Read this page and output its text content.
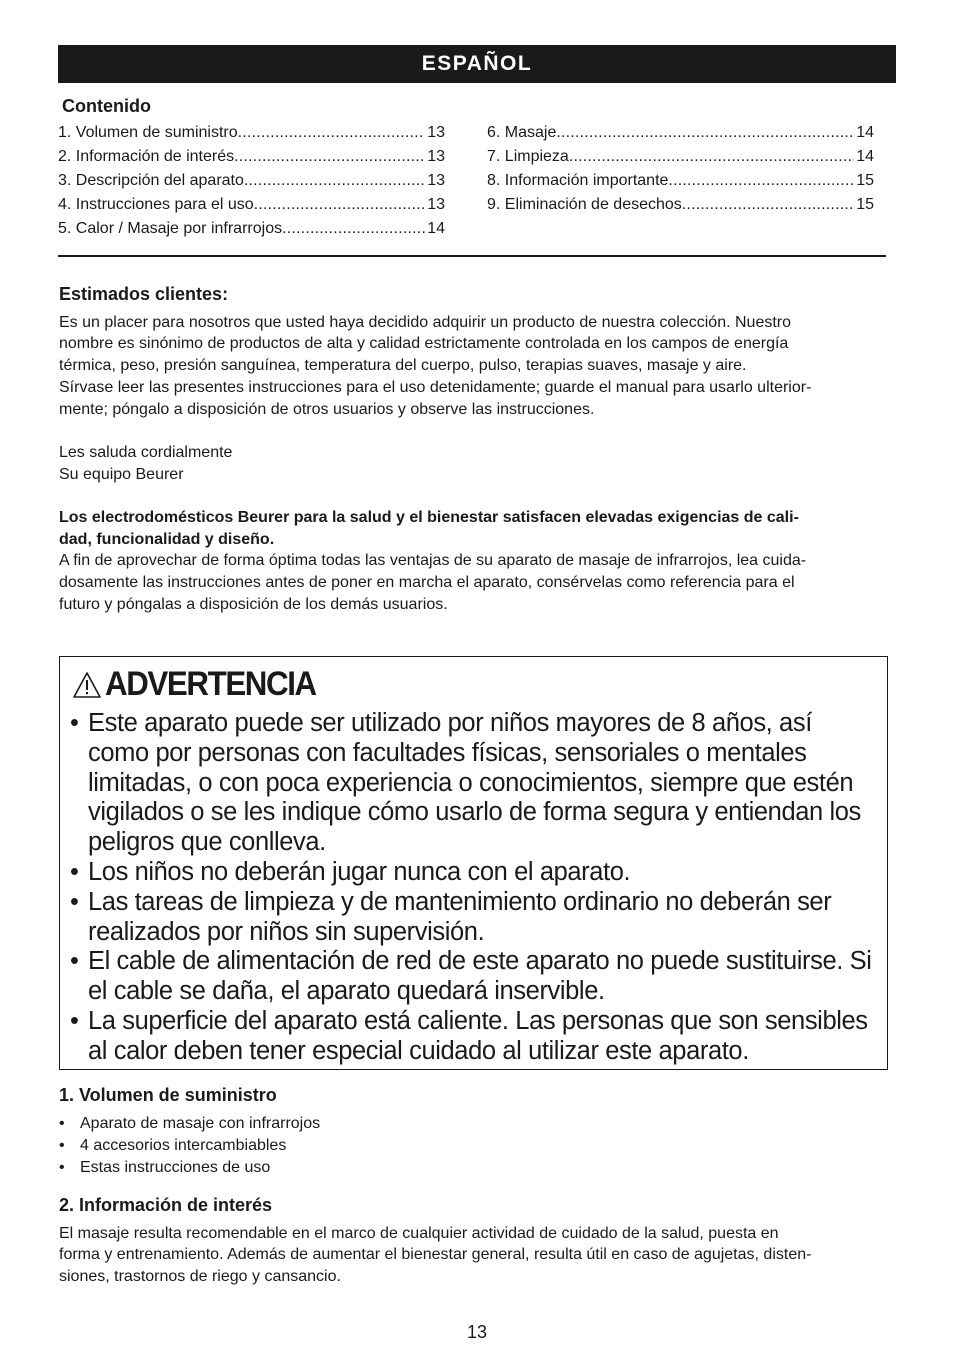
ESPAÑOL
Contenido
1. Volumen de suministro .....	13
2. Información de interés .....	13
3. Descripción del aparato .....	13
4. Instrucciones para el uso .....	13
5. Calor / Masaje por infrarrojos .....	14
6. Masaje .....	14
7. Limpieza .....	14
8. Información importante .....	15
9. Eliminación de desechos .....	15
Estimados clientes:

Es un placer para nosotros que usted haya decidido adquirir un producto de nuestra colección. Nuestro

nombre es sinónimo de productos de alta y calidad estrictamente controlada en los campos de energía

térmica, peso, presión sanguínea, temperatura del cuerpo, pulso, terapias suaves, masaje y aire.

Sírvase leer las presentes instrucciones para el uso detenidamente; guarde el manual para usarlo ulterior-

mente; póngalo a disposición de otros usuarios y observe las instrucciones.

Les saluda cordialmente

Su equipo Beurer

Los electrodomésticos Beurer para la salud y el bienestar satisfacen elevadas exigencias de cali-

dad, funcionalidad y diseño.

A fin de aprovechar de forma óptima todas las ventajas de su aparato de masaje de infrarrojos, lea cuida-

dosamente las instrucciones antes de poner en marcha el aparato, consérvelas como referencia para el

futuro y póngalas a disposición de los demás usuarios.

ADVERTENCIA
• Este aparato puede ser utilizado por niños mayores de 8 años, así

como por personas con facultades físicas, sensoriales o mentales

limitadas, o con poca experiencia o conocimientos, siempre que estén

vigilados o se les indique cómo usarlo de forma segura y entiendan los

peligros que conlleva.

• Los niños no deberán jugar nunca con el aparato.

• Las tareas de limpieza y de mantenimiento ordinario no deberán ser

realizados por niños sin supervisión.

• El cable de alimentación de red de este aparato no puede sustituirse. Si

el cable se daña, el aparato quedará inservible.

• La superficie del aparato está caliente. Las personas que son sensibles

al calor deben tener especial cuidado al utilizar este aparato.

1. Volumen de suministro
• Aparato de masaje con infrarrojos
• 4 accesorios intercambiables
• Estas instrucciones de uso
2. Información de interés

El masaje resulta recomendable en el marco de cualquier actividad de cuidado de la salud, puesta en

forma y entrenamiento. Además de aumentar el bienestar general, resulta útil en caso de agujetas, disten-

siones, trastornos de riego y cansancio.

13
